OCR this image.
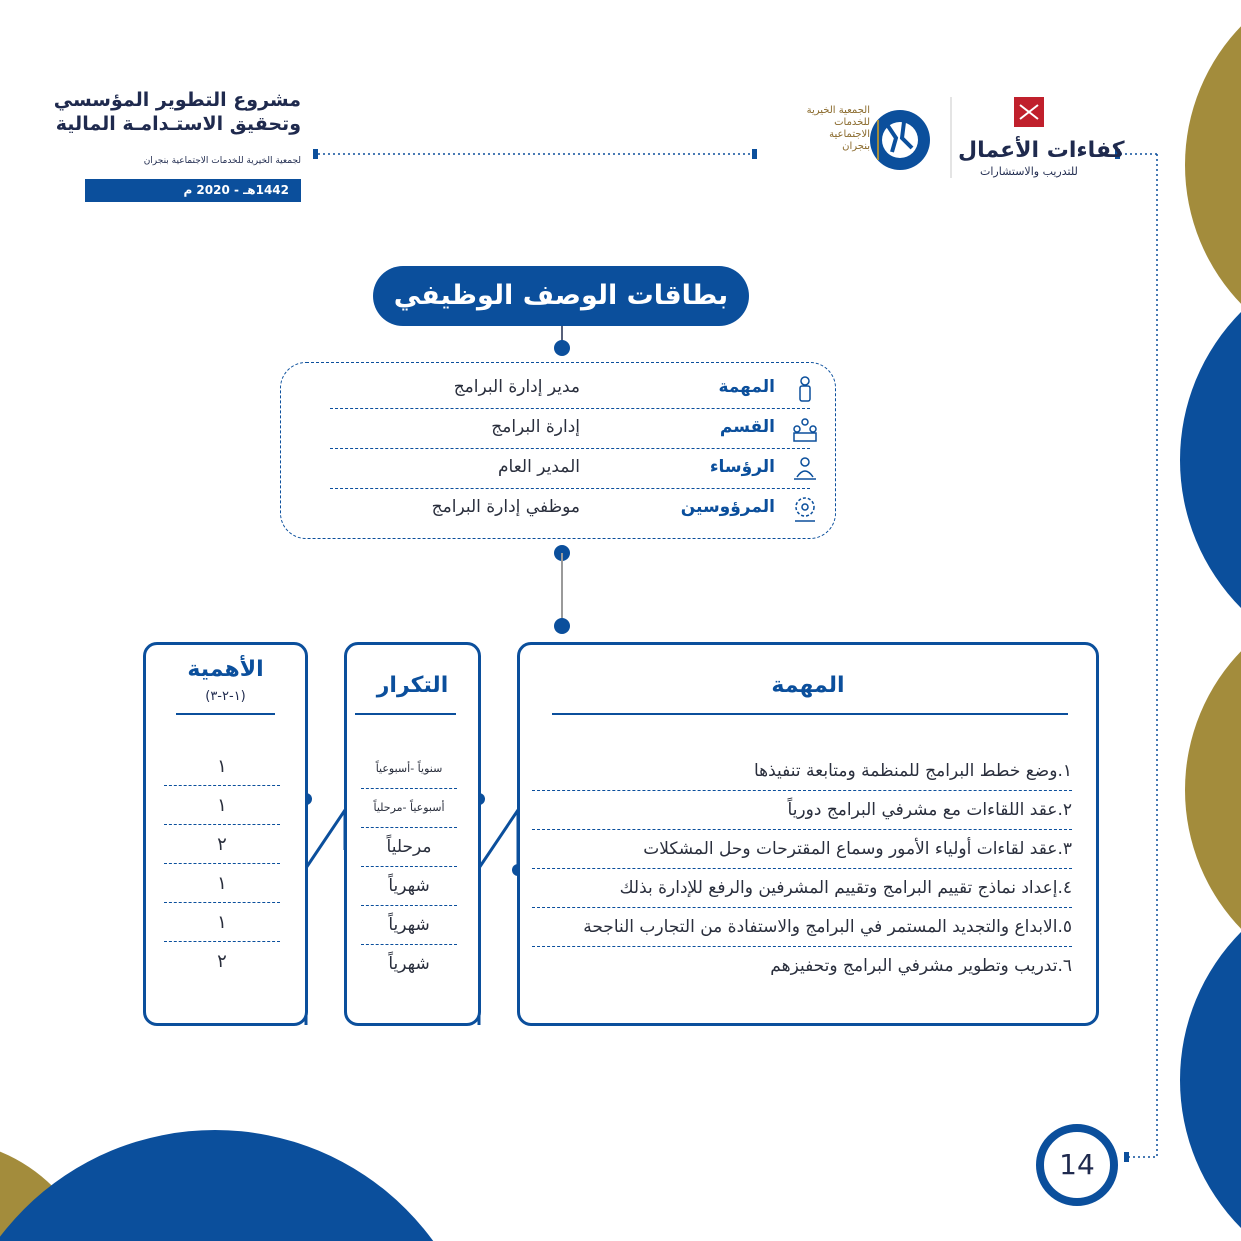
مشروع التطوير المؤسسي
وتحقيق الاستـدامـة المالية
لجمعية الخيرية للخدمات الاجتماعية بنجران
1442هـ - 2020 م
الجمعية الخيرية للخدمات الاجتماعية بنجران	كفاءات الأعمال
للتدريب والاستشارات
بطاقات الوصف الوظيفي
المهمة
مدير إدارة البرامج
القسم
إدارة البرامج
الرؤساء
المدير العام
المرؤوسين
موظفي إدارة البرامج
المهمة
١.وضع خطط البرامج للمنظمة ومتابعة تنفيذها
٢.عقد اللقاءات مع مشرفي البرامج دورياً
٣.عقد لقاءات أولياء الأمور وسماع المقترحات وحل المشكلات
٤.إعداد نماذج تقييم البرامج وتقييم المشرفين والرفع للإدارة بذلك
٥.الابداع والتجديد المستمر في البرامج والاستفادة من التجارب الناجحة
٦.تدريب وتطوير مشرفي البرامج وتحفيزهم
التكرار
سنوياً -أسبوعياً
أسبوعياً -مرحلياً
مرحلياً
شهرياً
شهرياً
شهرياً
الأهمية
(١-٢-٣)
١
١
٢
١
١
٢
14
